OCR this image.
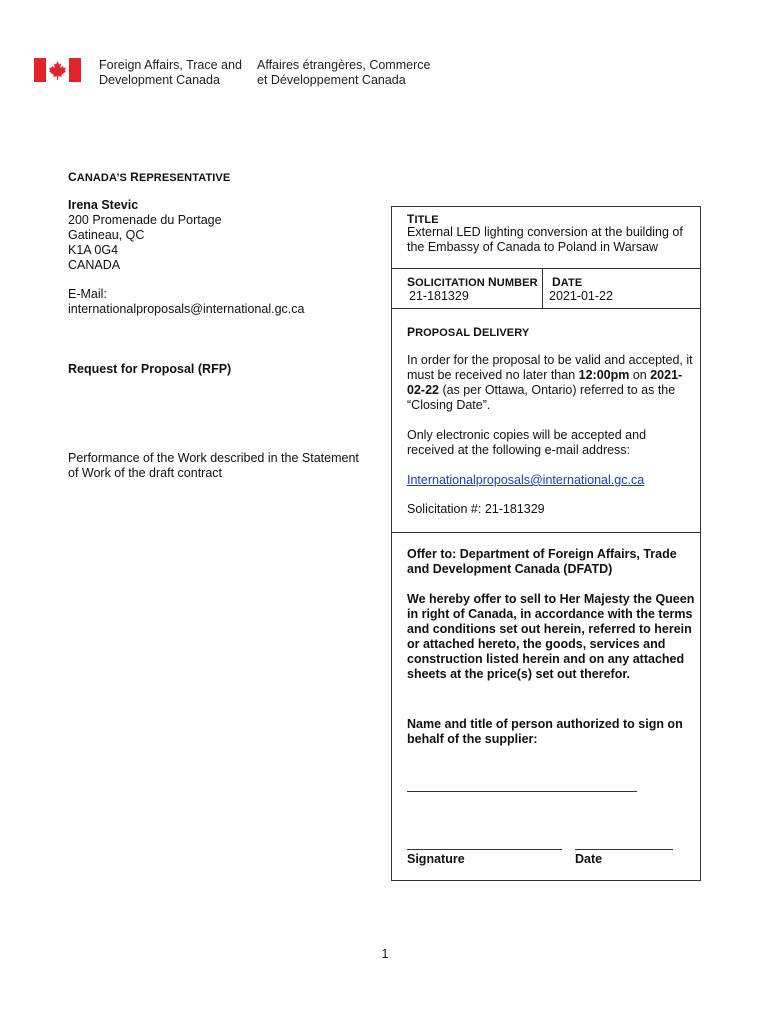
Foreign Affairs, Trace and
Development Canada
Affaires étrangères, Commerce
et Développement Canada
CANADA’S REPRESENTATIVE
Irena Stevic
200 Promenade du Portage
Gatineau, QC
K1A 0G4
CANADA
E-Mail:
internationalproposals@international.gc.ca
Request for Proposal (RFP)
Performance of the Work described in the Statement of Work of the draft contract
TITLE
External LED lighting conversion at the building of the Embassy of Canada to Poland in Warsaw
SOLICITATION NUMBER
21-181329
DATE
2021-01-22
PROPOSAL DELIVERY
In order for the proposal to be valid and accepted, it must be received no later than 12:00pm on 2021-02-22 (as per Ottawa, Ontario) referred to as the “Closing Date”.
Only electronic copies will be accepted and received at the following e-mail address:
Internationalproposals@international.gc.ca
Solicitation #: 21-181329
Offer to: Department of Foreign Affairs, Trade and Development Canada (DFATD)
We hereby offer to sell to Her Majesty the Queen in right of Canada, in accordance with the terms and conditions set out herein, referred to herein or attached hereto, the goods, services and construction listed herein and on any attached sheets at the price(s) set out therefor.
Name and title of person authorized to sign on behalf of the supplier:
Signature	Date
1
